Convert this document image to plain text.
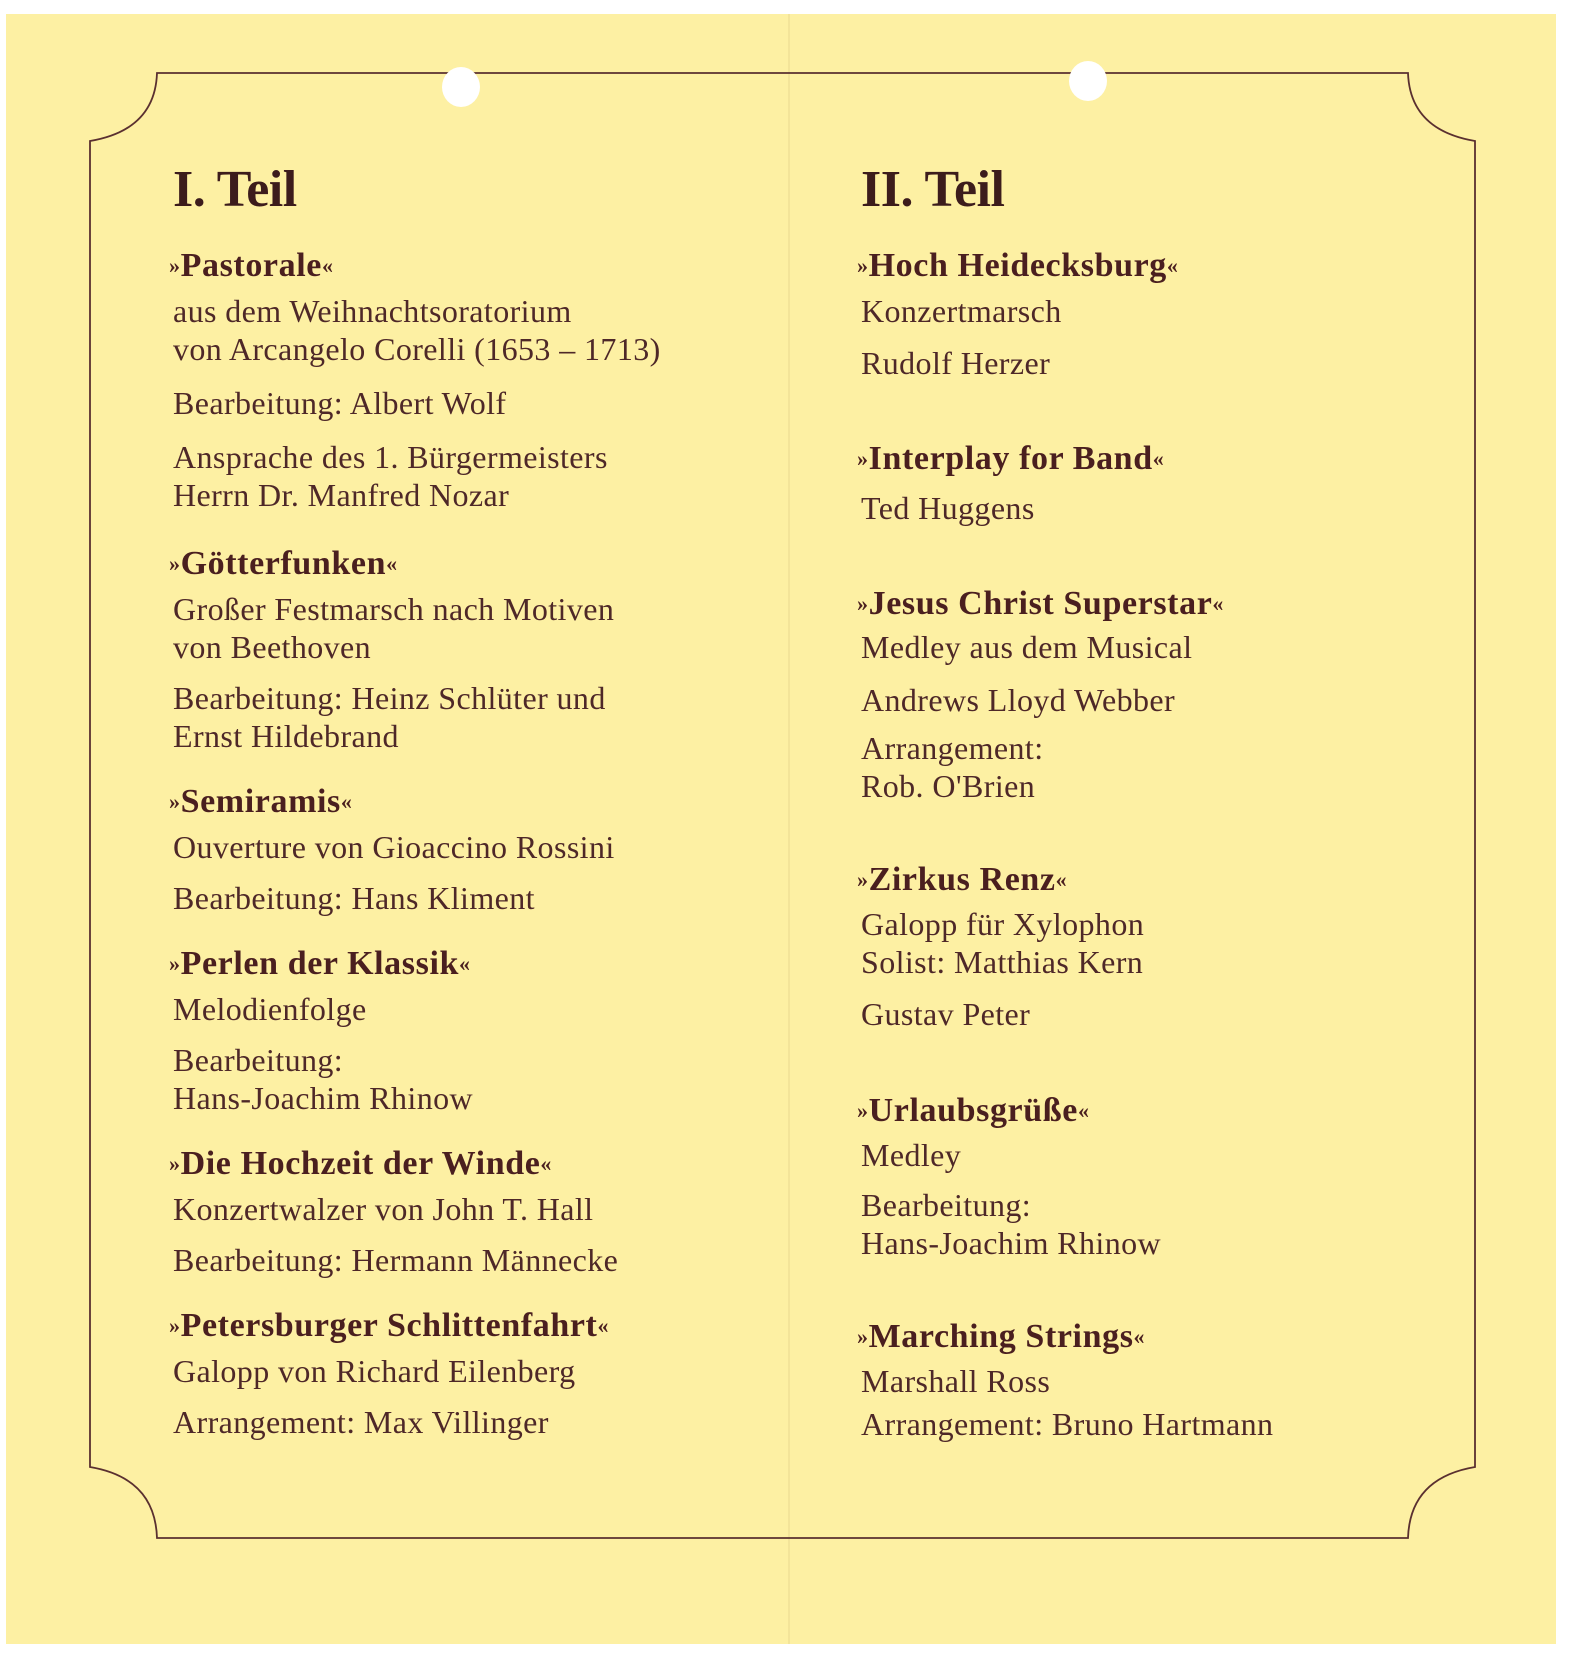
I. Teil
»Pastorale«
aus dem Weihnachtsoratorium
von Arcangelo Corelli (1653 – 1713)
Bearbeitung: Albert Wolf
Ansprache des 1. Bürgermeisters
Herrn Dr. Manfred Nozar
»Götterfunken«
Großer Festmarsch nach Motiven
von Beethoven
Bearbeitung: Heinz Schlüter und
Ernst Hildebrand
»Semiramis«
Ouverture von Gioaccino Rossini
Bearbeitung: Hans Kliment
»Perlen der Klassik«
Melodienfolge
Bearbeitung:
Hans-Joachim Rhinow
»Die Hochzeit der Winde«
Konzertwalzer von John T. Hall
Bearbeitung: Hermann Männecke
»Petersburger Schlittenfahrt«
Galopp von Richard Eilenberg
Arrangement: Max Villinger
II. Teil
»Hoch Heidecksburg«
Konzertmarsch
Rudolf Herzer
»Interplay for Band«
Ted Huggens
»Jesus Christ Superstar«
Medley aus dem Musical
Andrews Lloyd Webber
Arrangement:
Rob. O'Brien
»Zirkus Renz«
Galopp für Xylophon
Solist: Matthias Kern
Gustav Peter
»Urlaubsgrüße«
Medley
Bearbeitung:
Hans-Joachim Rhinow
»Marching Strings«
Marshall Ross
Arrangement: Bruno Hartmann
